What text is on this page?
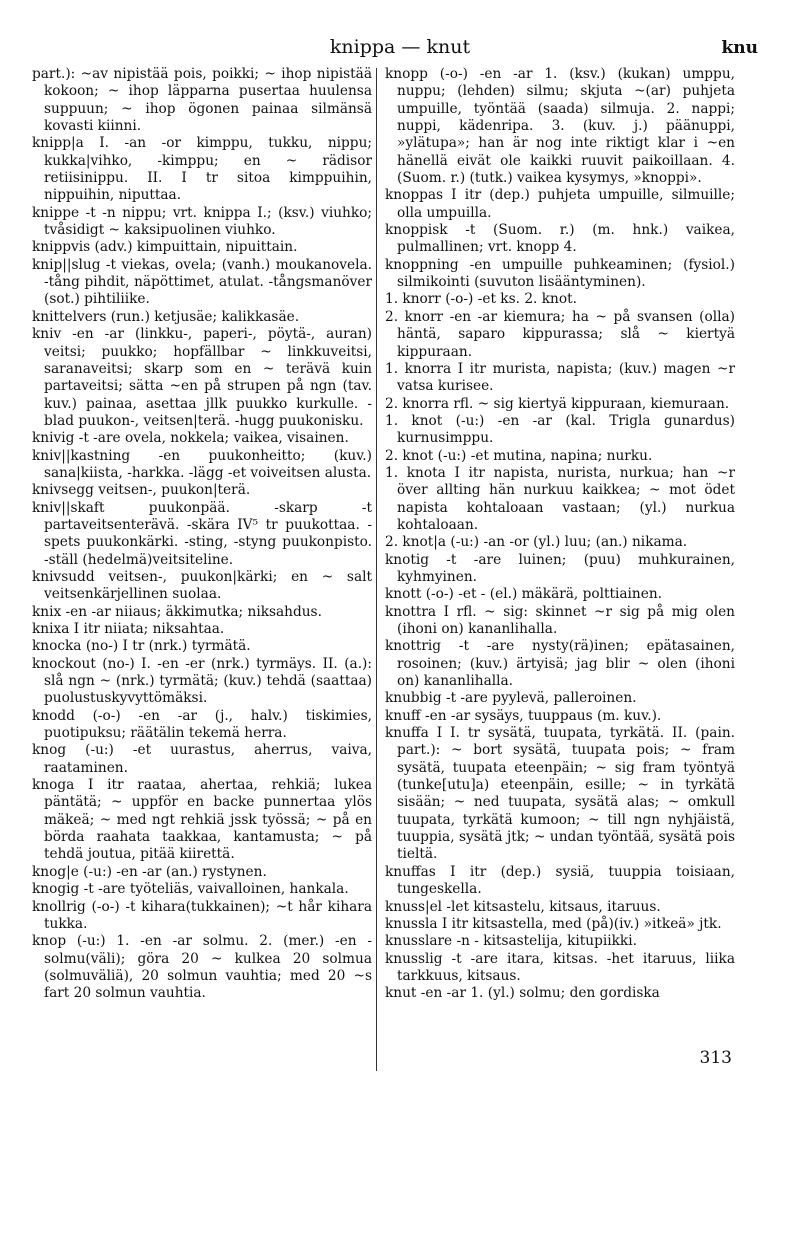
knippa — knut	knu

part.): ~av nipistää pois, poikki; ~ ihop nipistää kokoon; ~ ihop läpparna pusertaa huulensa suppuun; ~ ihop ögonen painaa silmänsä kovasti kiinni.

knipp|a I. -an -or kimppu, tukku, nippu; kukka|vihko, -kimppu; en ~ rädisor retiisinippu. II. I tr sitoa kimppuihin, nippuihin, niputtaa.

knippe -t -n nippu; vrt. knippa I.; (ksv.) viuhko; tvåsidigt ~ kaksipuolinen viuhko.

knippvis (adv.) kimpuittain, nipuittain.

knip||slug -t viekas, ovela; (vanh.) moukanovela. -tång pihdit, näpöttimet, atulat. -tångsmanöver (sot.) pihtiliike.

knittelvers (run.) ketjusäe; kalikkasäe.

kniv -en -ar (linkku-, paperi-, pöytä-, auran) veitsi; puukko; hopfällbar ~ linkkuveitsi, saranaveitsi; skarp som en ~ terävä kuin partaveitsi; sätta ~en på strupen på ngn (tav. kuv.) painaa, asettaa jllk puukko kurkulle. -blad puukon-, veitsen|terä. -hugg puukonisku.

knivig -t -are ovela, nokkela; vaikea, visainen.

kniv||kastning -en puukonheitto; (kuv.) sana|kiista, -harkka. -lägg -et voiveitsen alusta.

knivsegg veitsen-, puukon|terä.

kniv||skaft puukonpää. -skarp -t partaveitsenterävä. -skära IV⁵ tr puukottaa. -spets puukonkärki. -sting, -styng puukonpisto. -ställ (hedelmä)veitsiteline.

knivsudd veitsen-, puukon|kärki; en ~ salt veitsenkärjellinen suolaa.

knix -en -ar niiaus; äkkimutka; niksahdus.

knixa I itr niiata; niksahtaa.

knocka (no-) I tr (nrk.) tyrmätä.

knockout (no-) I. -en -er (nrk.) tyrmäys. II. (a.): slå ngn ~ (nrk.) tyrmätä; (kuv.) tehdä (saattaa) puolustuskyvyttömäksi.

knodd (-o-) -en -ar (j., halv.) tiskimies, puotipuksu; räätälin tekemä herra.

knog (-u:) -et uurastus, aherrus, vaiva, raataminen.

knoga I itr raataa, ahertaa, rehkiä; lukea päntätä; ~ uppför en backe punnertaa ylös mäkeä; ~ med ngt rehkiä jssk työssä; ~ på en börda raahata taakkaa, kantamusta; ~ på tehdä joutua, pitää kiirettä.

knog|e (-u:) -en -ar (an.) rystynen.

knogig -t -are työteliäs, vaivalloinen, hankala.

knollrig (-o-) -t kihara(tukkainen); ~t hår kihara tukka.

knop (-u:) 1. -en -ar solmu. 2. (mer.) -en - solmu(väli); göra 20 ~ kulkea 20 solmua (solmuväliä), 20 solmun vauhtia; med 20 ~s fart 20 solmun vauhtia.

knopp (-o-) -en -ar 1. (ksv.) (kukan) umppu, nuppu; (lehden) silmu; skjuta ~(ar) puhjeta umpuille, työntää (saada) silmuja. 2. nappi; nuppi, kädenripa. 3. (kuv. j.) päänuppi, »ylätupa»; han är nog inte riktigt klar i ~en hänellä eivät ole kaikki ruuvit paikoillaan. 4. (Suom. r.) (tutk.) vaikea kysymys, »knoppi».

knoppas I itr (dep.) puhjeta umpuille, silmuille; olla umpuilla.

knoppisk -t (Suom. r.) (m. hnk.) vaikea, pulmallinen; vrt. knopp 4.

knoppning -en umpuille puhkeaminen; (fysiol.) silmikointi (suvuton lisääntyminen).

1. knorr (-o-) -et ks. 2. knot.

2. knorr -en -ar kiemura; ha ~ på svansen (olla) häntä, saparo kippurassa; slå ~ kiertyä kippuraan.

1. knorra I itr murista, napista; (kuv.) magen ~r vatsa kurisee.

2. knorra rfl. ~ sig kiertyä kippuraan, kiemuraan.

1. knot (-u:) -en -ar (kal. Trigla gunardus) kurnusimppu.

2. knot (-u:) -et mutina, napina; nurku.

1. knota I itr napista, nurista, nurkua; han ~r över allting hän nurkuu kaikkea; ~ mot ödet napista kohtaloaan vastaan; (yl.) nurkua kohtaloaan.

2. knot|a (-u:) -an -or (yl.) luu; (an.) nikama.

knotig -t -are luinen; (puu) muhkurainen, kyhmyinen.

knott (-o-) -et - (el.) mäkärä, polttiainen.

knottra I rfl. ~ sig: skinnet ~r sig på mig olen (ihoni on) kananlihalla.

knottrig -t -are nysty(rä)inen; epätasainen, rosoinen; (kuv.) ärtyisä; jag blir ~ olen (ihoni on) kananlihalla.

knubbig -t -are pyylevä, palleroinen.

knuff -en -ar sysäys, tuuppaus (m. kuv.).

knuffa I I. tr sysätä, tuupata, tyrkätä. II. (pain. part.): ~ bort sysätä, tuupata pois; ~ fram sysätä, tuupata eteenpäin; ~ sig fram työntyä (tunke[utu]a) eteenpäin, esille; ~ in tyrkätä sisään; ~ ned tuupata, sysätä alas; ~ omkull tuupata, tyrkätä kumoon; ~ till ngn nyhjäistä, tuuppia, sysätä jtk; ~ undan työntää, sysätä pois tieltä.

knuffas I itr (dep.) sysiä, tuuppia toisiaan, tungeskella.

knuss|el -let kitsastelu, kitsaus, itaruus.

knussla I itr kitsastella, med (på)(iv.) »itkeä» jtk.

knusslare -n - kitsastelija, kitupiikki.

knusslig -t -are itara, kitsas. -het itaruus, liika tarkkuus, kitsaus.

knut -en -ar 1. (yl.) solmu; den gordiska

313
